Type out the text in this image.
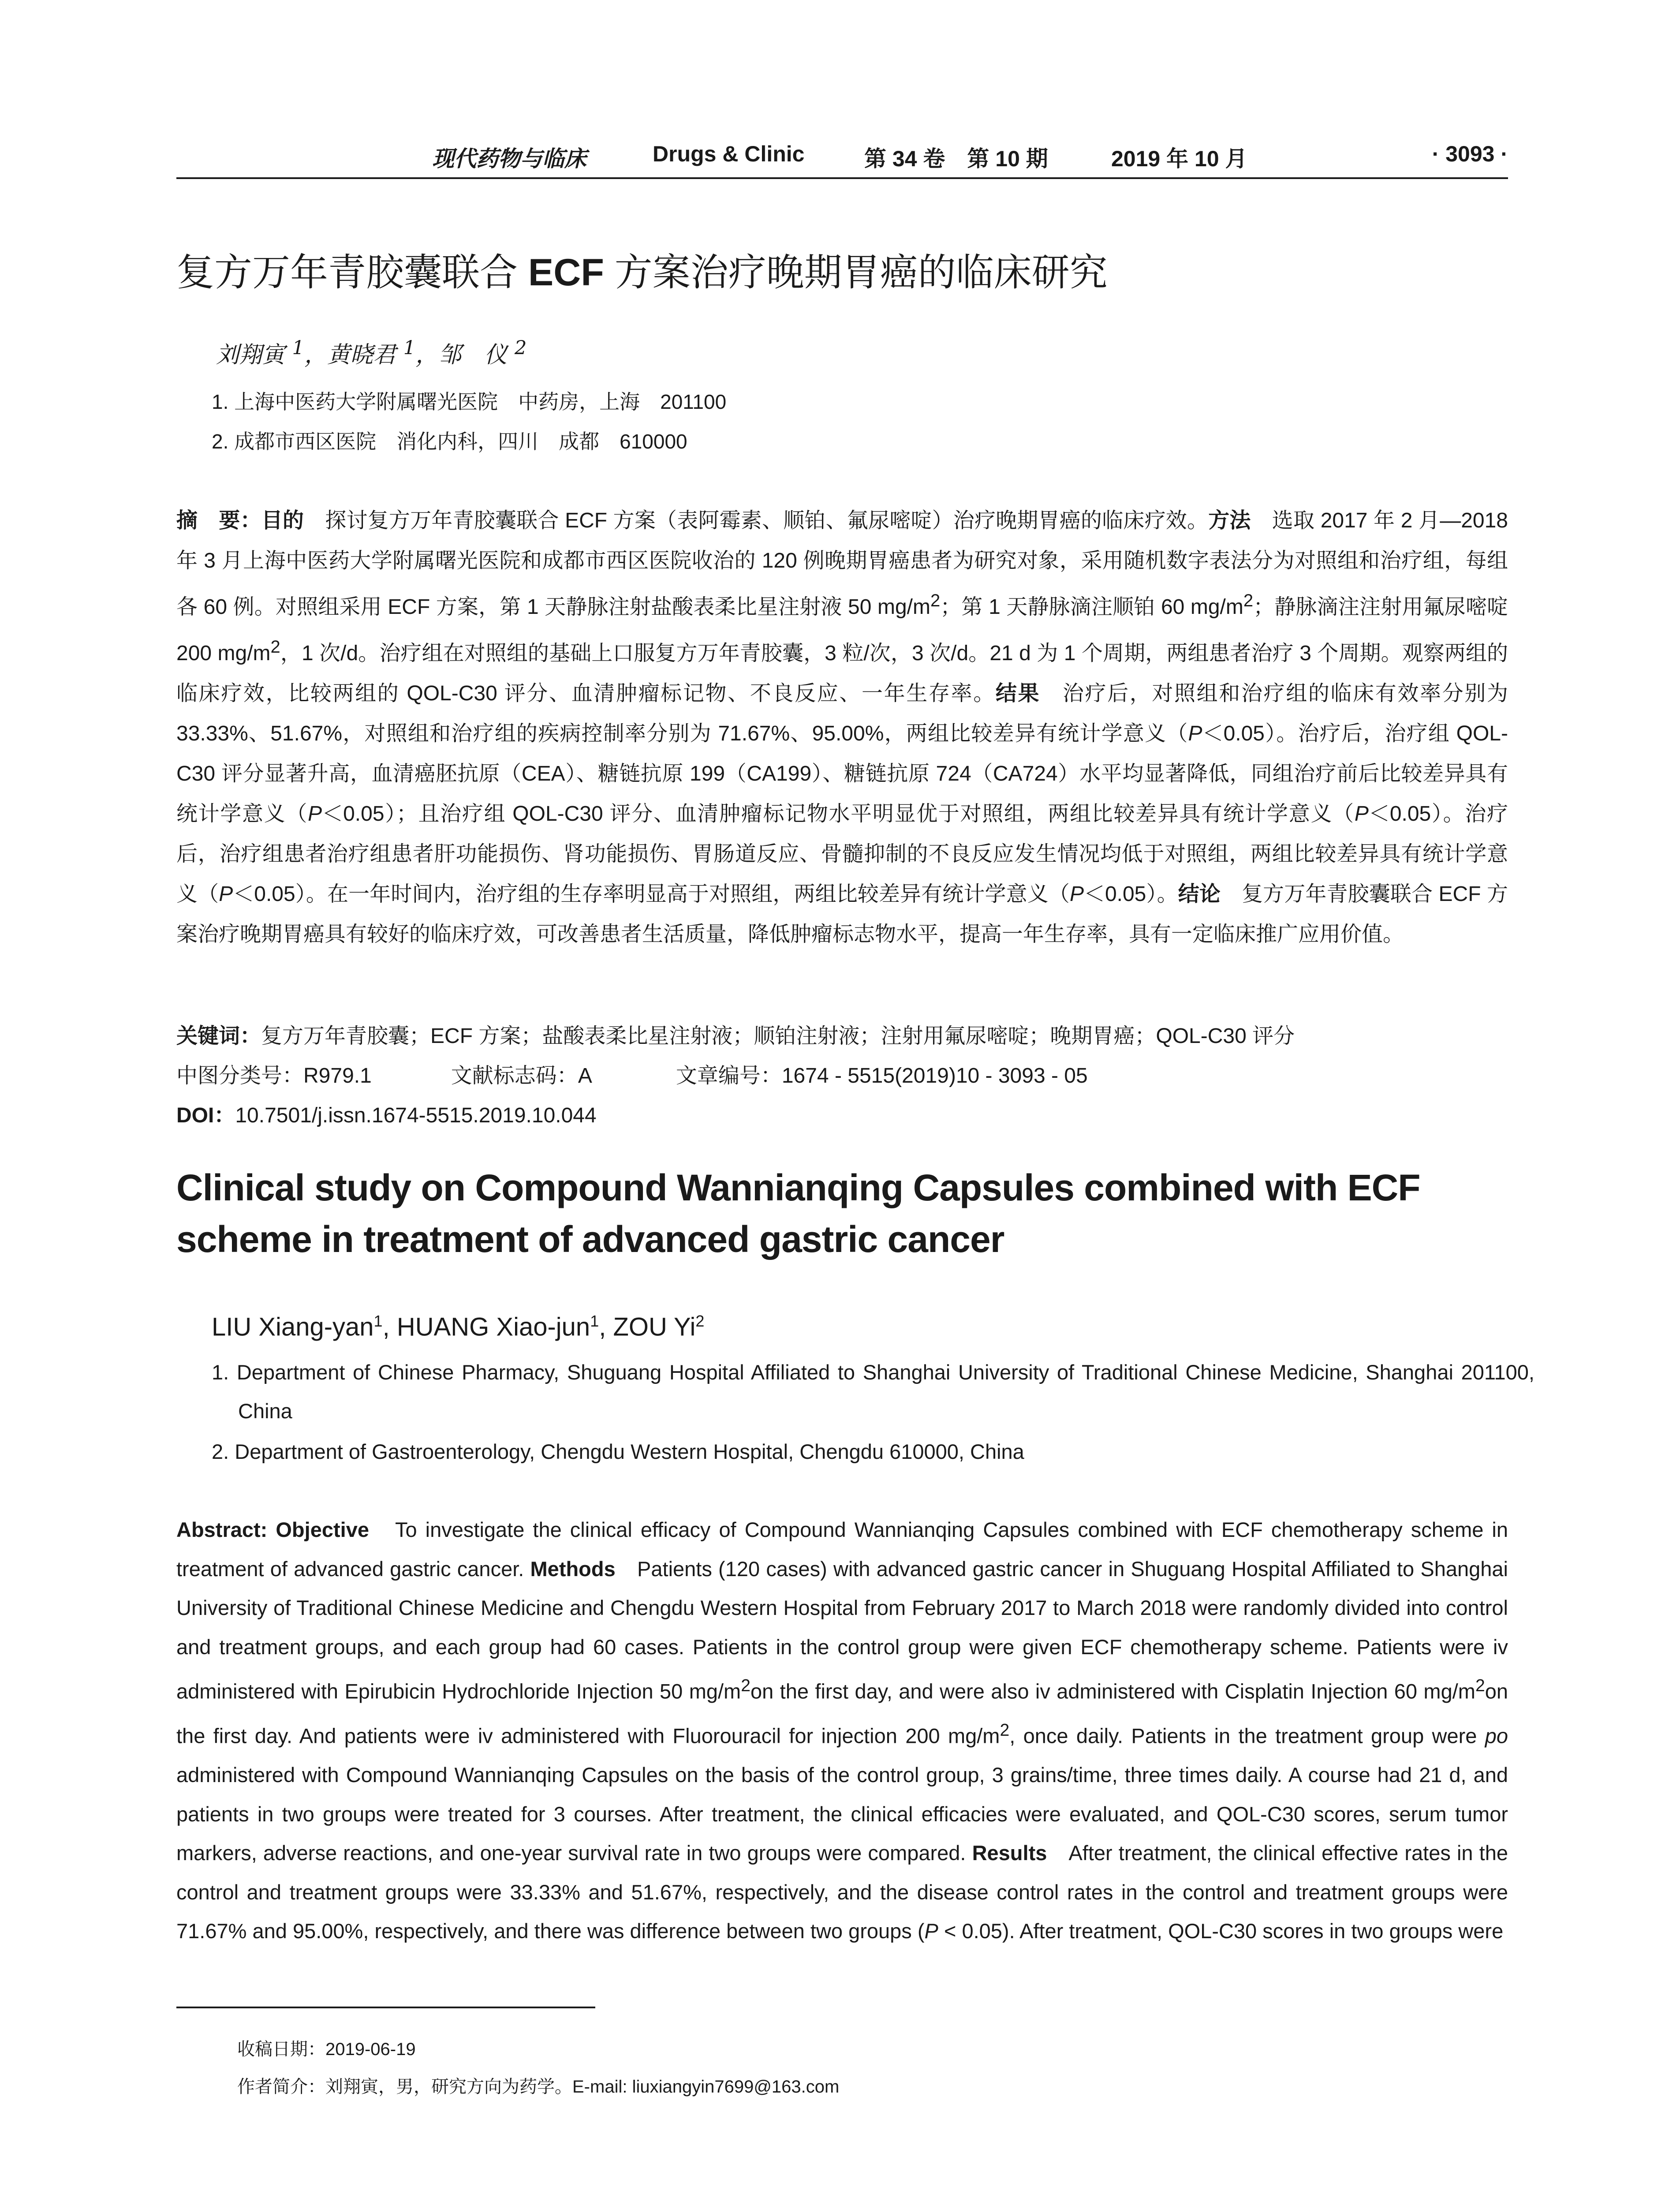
现代药物与临床	Drugs & Clinic	第 34 卷　第 10 期	2019 年 10 月	· 3093 ·
复方万年青胶囊联合 ECF 方案治疗晚期胃癌的临床研究
刘翔寅 $^1$，黄晓君 $^1$，邹　仪 $^2$
1. 上海中医药大学附属曙光医院　中药房，上海　201100
2. 成都市西区医院　消化内科，四川　成都　610000
摘　要：目的　探讨复方万年青胶囊联合 ECF 方案（表阿霉素、顺铂、氟尿嘧啶）治疗晚期胃癌的临床疗效。方法　选取 2017 年 2 月—2018 年 3 月上海中医药大学附属曙光医院和成都市西区医院收治的 120 例晚期胃癌患者为研究对象，采用随机数字表法分为对照组和治疗组，每组各 60 例。对照组采用 ECF 方案，第 1 天静脉注射盐酸表柔比星注射液 50 $mg/m^2$；第 1 天静脉滴注顺铂 60 $mg/m^2$；静脉滴注注射用氟尿嘧啶 200 $mg/m^2$，1 次/d。治疗组在对照组的基础上口服复方万年青胶囊，3 粒/次，3 次/d。21 d 为 1 个周期，两组患者治疗 3 个周期。观察两组的临床疗效，比较两组的 QOL-C30 评分、血清肿瘤标记物、不良反应、一年生存率。结果　治疗后，对照组和治疗组的临床有效率分别为 33.33%、51.67%，对照组和治疗组的疾病控制率分别为 71.67%、95.00%，两组比较差异有统计学意义（P＜0.05）。治疗后，治疗组 QOL-C30 评分显著升高，血清癌胚抗原（CEA）、糖链抗原 199（CA199）、糖链抗原 724（CA724）水平均显著降低，同组治疗前后比较差异具有统计学意义（P＜0.05）；且治疗组 QOL-C30 评分、血清肿瘤标记物水平明显优于对照组，两组比较差异具有统计学意义（P＜0.05）。治疗后，治疗组患者治疗组患者肝功能损伤、肾功能损伤、胃肠道反应、骨髓抑制的不良反应发生情况均低于对照组，两组比较差异具有统计学意义（P＜0.05）。在一年时间内，治疗组的生存率明显高于对照组，两组比较差异有统计学意义（P＜0.05）。结论　复方万年青胶囊联合 ECF 方案治疗晚期胃癌具有较好的临床疗效，可改善患者生活质量，降低肿瘤标志物水平，提高一年生存率，具有一定临床推广应用价值。
关键词：复方万年青胶囊；ECF 方案；盐酸表柔比星注射液；顺铂注射液；注射用氟尿嘧啶；晚期胃癌；QOL-C30 评分
中图分类号：R979.1	文献标志码：A	文章编号：1674 - 5515(2019)10 - 3093 - 05
DOI：10.7501/j.issn.1674-5515.2019.10.044
Clinical study on Compound Wannianqing Capsules combined with ECF scheme in treatment of advanced gastric cancer
LIU Xiang-yan$^1$, HUANG Xiao-jun$^1$, ZOU Yi$^2$
1. Department of Chinese Pharmacy, Shuguang Hospital Affiliated to Shanghai University of Traditional Chinese Medicine, Shanghai 201100, China
2. Department of Gastroenterology, Chengdu Western Hospital, Chengdu 610000, China
Abstract: Objective　To investigate the clinical efficacy of Compound Wannianqing Capsules combined with ECF chemotherapy scheme in treatment of advanced gastric cancer. Methods　Patients (120 cases) with advanced gastric cancer in Shuguang Hospital Affiliated to Shanghai University of Traditional Chinese Medicine and Chengdu Western Hospital from February 2017 to March 2018 were randomly divided into control and treatment groups, and each group had 60 cases. Patients in the control group were given ECF chemotherapy scheme. Patients were iv administered with Epirubicin Hydrochloride Injection 50 $mg/m^2on$ the first day, and were also iv administered with Cisplatin Injection 60 $mg/m^2on$ the first day. And patients were iv administered with Fluorouracil for injection 200 $mg/m^2$, once daily. Patients in the treatment group were po administered with Compound Wannianqing Capsules on the basis of the control group, 3 grains/time, three times daily. A course had 21 d, and patients in two groups were treated for 3 courses. After treatment, the clinical efficacies were evaluated, and QOL-C30 scores, serum tumor markers, adverse reactions, and one-year survival rate in two groups were compared. Results　After treatment, the clinical effective rates in the control and treatment groups were 33.33% and 51.67%, respectively, and the disease control rates in the control and treatment groups were 71.67% and 95.00%, respectively, and there was difference between two groups (P < 0.05). After treatment, QOL-C30 scores in two groups were
收稿日期：2019-06-19
作者简介：刘翔寅，男，研究方向为药学。E-mail: liuxiangyin7699@163.com
